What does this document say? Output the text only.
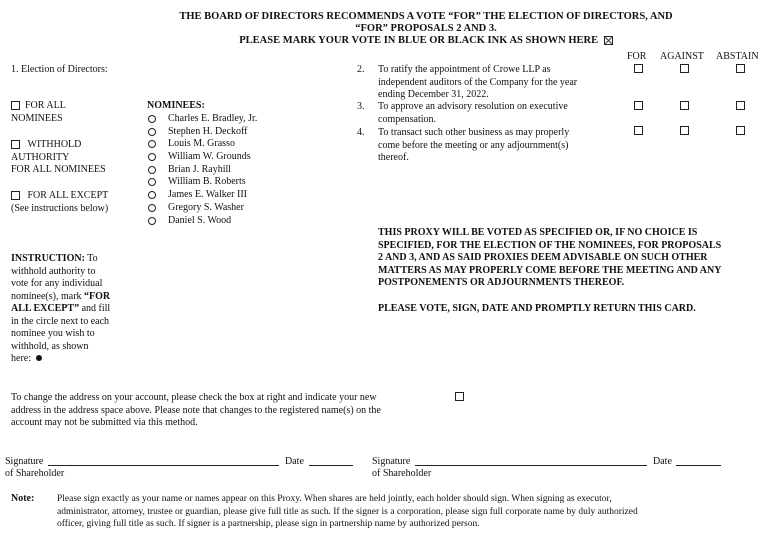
THE BOARD OF DIRECTORS RECOMMENDS A VOTE “FOR” THE ELECTION OF DIRECTORS, AND
“FOR” PROPOSALS 2 AND 3.
PLEASE MARK YOUR VOTE IN BLUE OR BLACK INK AS SHOWN HERE
FOR AGAINST ABSTAIN
1. Election of Directors:
FOR ALL
NOMINEES
WITHHOLD
AUTHORITY
FOR ALL NOMINEES
FOR ALL EXCEPT
(See instructions below)
NOMINEES:
Charles E. Bradley, Jr.
Stephen H. Deckoff
Louis M. Grasso
William W. Grounds
Brian J. Rayhill
William B. Roberts
James E. Walker III
Gregory S. Washer
Daniel S. Wood
INSTRUCTION: To
withhold authority to
vote for any individual
nominee(s), mark “FOR
ALL EXCEPT” and fill
in the circle next to each
nominee you wish to
withhold, as shown
here:
2. To ratify the appointment of Crowe LLP as
independent auditors of the Company for the year
ending December 31, 2022.
3. To approve an advisory resolution on executive
compensation.
4. To transact such other business as may properly
come before the meeting or any adjournment(s)
thereof.
THIS PROXY WILL BE VOTED AS SPECIFIED OR, IF NO CHOICE IS
SPECIFIED, FOR THE ELECTION OF THE NOMINEES, FOR PROPOSALS
2 AND 3, AND AS SAID PROXIES DEEM ADVISABLE ON SUCH OTHER
MATTERS AS MAY PROPERLY COME BEFORE THE MEETING AND ANY
POSTPONEMENTS OR ADJOURNMENTS THEREOF.
PLEASE VOTE, SIGN, DATE AND PROMPTLY RETURN THIS CARD.
To change the address on your account, please check the box at right and indicate your new
address in the address space above. Please note that changes to the registered name(s) on the
account may not be submitted via this method.
Signature
of Shareholder
Date	Signature
of Shareholder
Date
Note: Please sign exactly as your name or names appear on this Proxy. When shares are held jointly, each holder should sign. When signing as executor,
administrator, attorney, trustee or guardian, please give full title as such. If the signer is a corporation, please sign full corporate name by duly authorized
officer, giving full title as such. If signer is a partnership, please sign in partnership name by authorized person.
